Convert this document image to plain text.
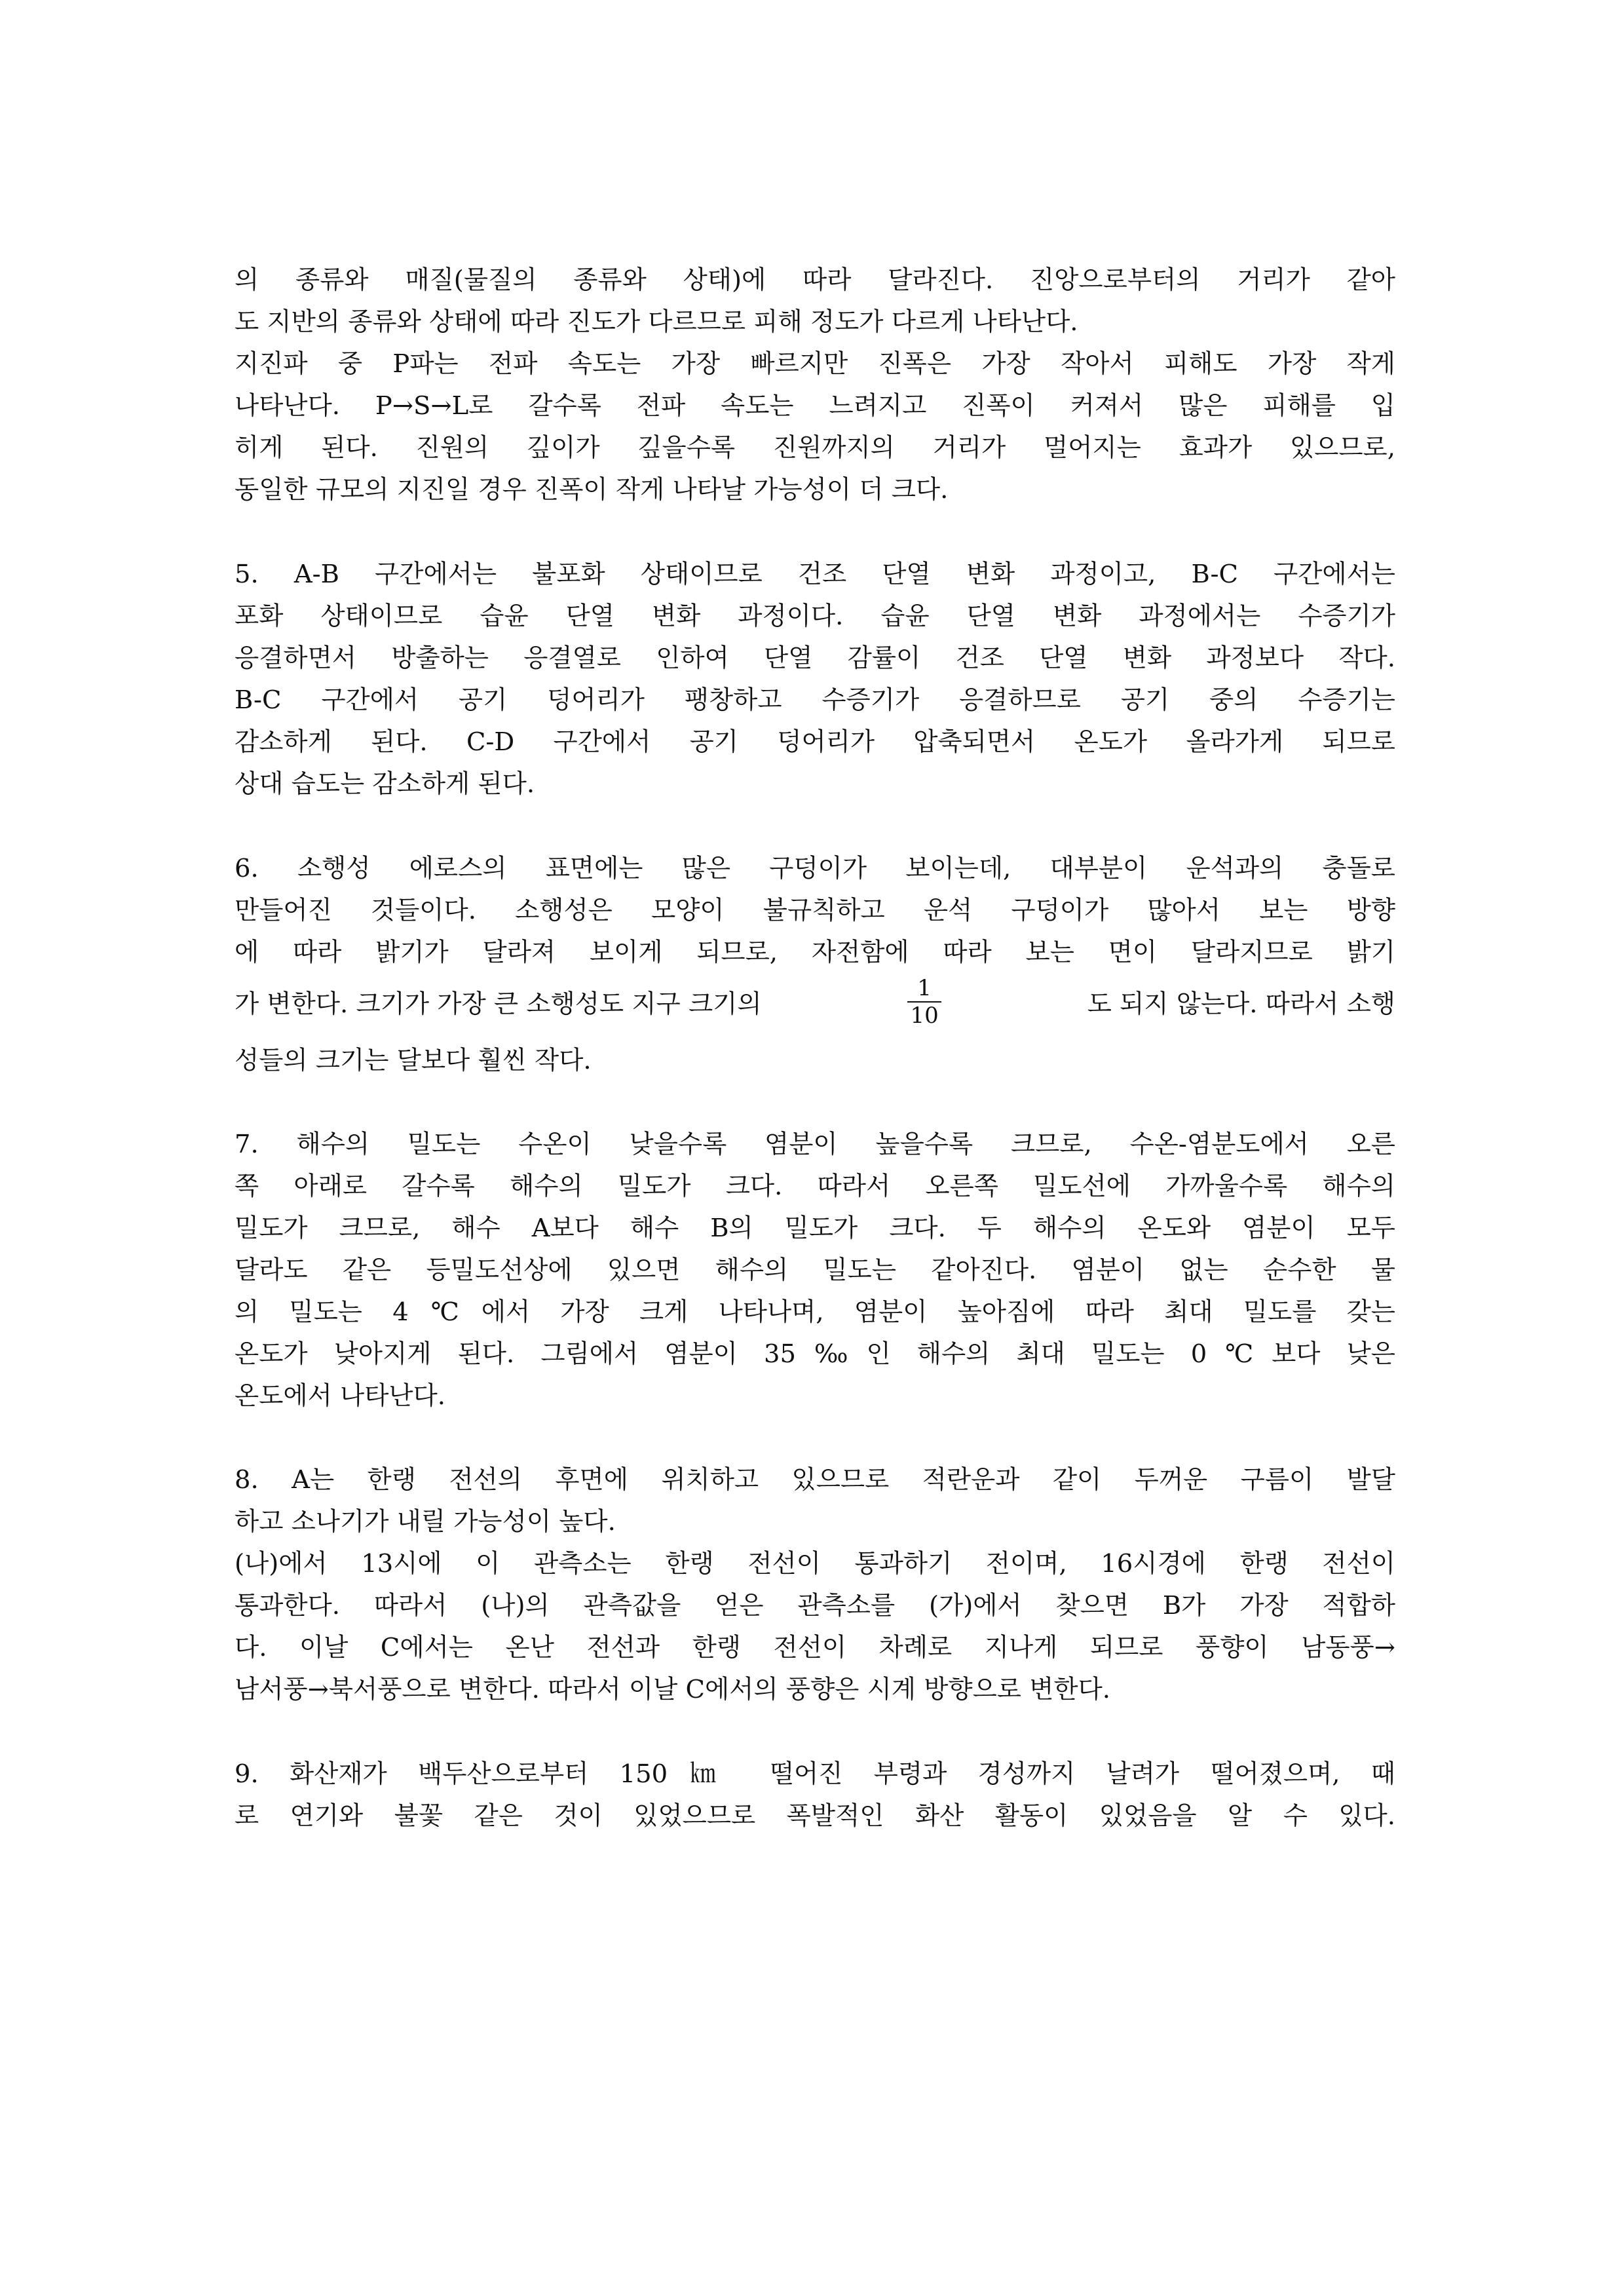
의 종류와 매질(물질의 종류와 상태)에 따라 달라진다. 진앙으로부터의 거리가 같아
도 지반의 종류와 상태에 따라 진도가 다르므로 피해 정도가 다르게 나타난다.
지진파 중 P파는 전파 속도는 가장 빠르지만 진폭은 가장 작아서 피해도 가장 작게
나타난다. P→S→L로 갈수록 전파 속도는 느려지고 진폭이 커져서 많은 피해를 입
히게 된다. 진원의 깊이가 깊을수록 진원까지의 거리가 멀어지는 효과가 있으므로,
동일한 규모의 지진일 경우 진폭이 작게 나타날 가능성이 더 크다.
5. A-B 구간에서는 불포화 상태이므로 건조 단열 변화 과정이고, B-C 구간에서는
포화 상태이므로 습윤 단열 변화 과정이다. 습윤 단열 변화 과정에서는 수증기가
응결하면서 방출하는 응결열로 인하여 단열 감률이 건조 단열 변화 과정보다 작다.
B-C 구간에서 공기 덩어리가 팽창하고 수증기가 응결하므로 공기 중의 수증기는
감소하게 된다. C-D 구간에서 공기 덩어리가 압축되면서 온도가 올라가게 되므로
상대 습도는 감소하게 된다.
6. 소행성 에로스의 표면에는 많은 구덩이가 보이는데, 대부분이 운석과의 충돌로
만들어진 것들이다. 소행성은 모양이 불규칙하고 운석 구덩이가 많아서 보는 방향
에 따라 밝기가 달라져 보이게 되므로, 자전함에 따라 보는 면이 달라지므로 밝기
가 변한다. 크기가 가장 큰 소행성도 지구 크기의	$\frac{1}{10}$	도 되지 않는다. 따라서 소행
성들의 크기는 달보다 훨씬 작다.
7. 해수의 밀도는 수온이 낮을수록 염분이 높을수록 크므로, 수온-염분도에서 오른
쪽 아래로 갈수록 해수의 밀도가 크다. 따라서 오른쪽 밀도선에 가까울수록 해수의
밀도가 크므로, 해수 A보다 해수 B의 밀도가 크다. 두 해수의 온도와 염분이 모두
달라도 같은 등밀도선상에 있으면 해수의 밀도는 같아진다. 염분이 없는 순수한 물
의 밀도는 4℃에서 가장 크게 나타나며, 염분이 높아짐에 따라 최대 밀도를 갖는
온도가 낮아지게 된다. 그림에서 염분이 35‰인 해수의 최대 밀도는 0℃보다 낮은
온도에서 나타난다.
8. A는 한랭 전선의 후면에 위치하고 있으므로 적란운과 같이 두꺼운 구름이 발달
하고 소나기가 내릴 가능성이 높다.
(나)에서 13시에 이 관측소는 한랭 전선이 통과하기 전이며, 16시경에 한랭 전선이
통과한다. 따라서 (나)의 관측값을 얻은 관측소를 (가)에서 찾으면 B가 가장 적합하
다. 이날 C에서는 온난 전선과 한랭 전선이 차례로 지나게 되므로 풍향이 남동풍→
남서풍→북서풍으로 변한다. 따라서 이날 C에서의 풍향은 시계 방향으로 변한다.
9. 화산재가 백두산으로부터 150㎞ 떨어진 부령과 경성까지 날려가 떨어졌으며, 때
로 연기와 불꽃 같은 것이 있었으므로 폭발적인 화산 활동이 있었음을 알 수 있다.
